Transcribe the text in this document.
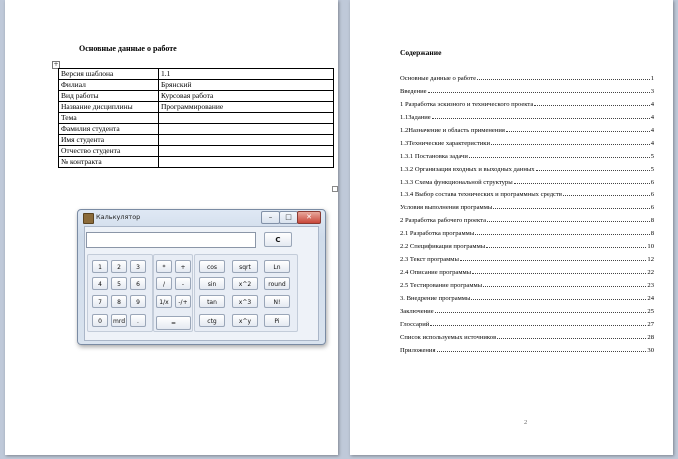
Основные данные о работе
+
Версия шаблона	1.1
Филиал	Брянский
Вид работы	Курсовая работа
Название дисциплины	Программирование
Тема	
Фамилия студента	
Имя студента	
Отчество студента	
№ контракта	
Калькулятор	–	□	✕
C
1	2	3
4	5	6
7	8	9
0	mrd	.
*	+
/	-
1/x	-/+
=
cos	sqrt	Ln
sin	x^2	round
tan	x^3	N!
ctg	x^y	Pi
Содержание
Основные данные о работе	1
Введение	3
1 Разработка эскизного и технического проекта	4
1.1Задание	4
1.2Назначение и область применения	4
1.3Технические характеристики	4
1.3.1 Постановка задачи	5
1.3.2 Организация входных и выходных данных	5
1.3.3 Схема функциональной структуры	6
1.3.4 Выбор состава технических и программных средств	6
Условия выполнения программы	6
2 Разработка рабочего проекта	8
2.1 Разработка программы	8
2.2 Спецификация программы	10
2.3 Текст программы	12
2.4 Описание программы	22
2.5 Тестирование программы	23
3. Внедрение программы	24
Заключение	25
Глоссарий	27
Список используемых источников	28
Приложения	30
2
